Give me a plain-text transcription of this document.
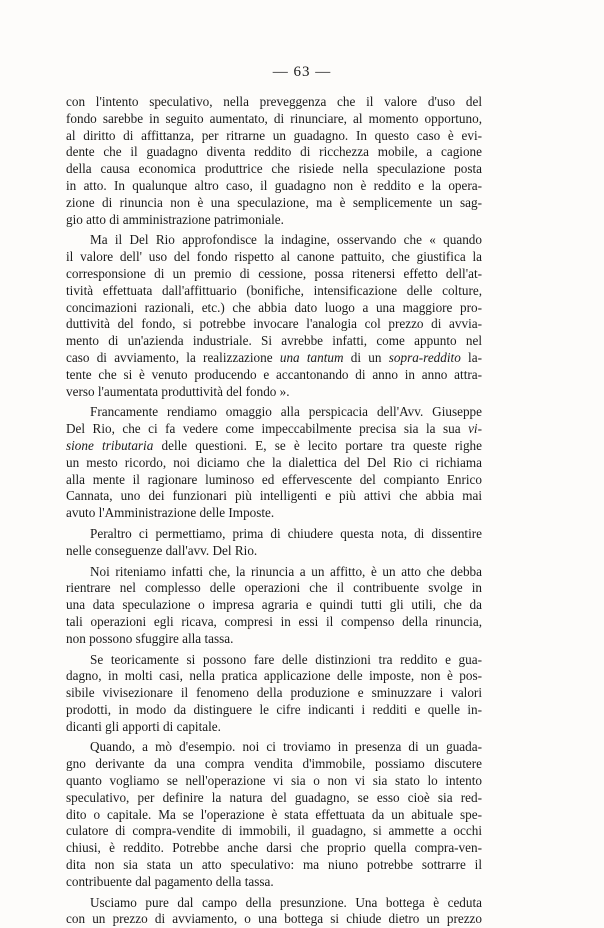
— 63 —
con l'intento speculativo, nella preveggenza che il valore d'uso del
fondo sarebbe in seguito aumentato, di rinunciare, al momento opportuno,
al diritto di affittanza, per ritrarne un guadagno. In questo caso è evi-
dente che il guadagno diventa reddito di ricchezza mobile, a cagione
della causa economica produttrice che risiede nella speculazione posta
in atto. In qualunque altro caso, il guadagno non è reddito e la opera-
zione di rinuncia non è una speculazione, ma è semplicemente un sag-
gio atto di amministrazione patrimoniale.
Ma il Del Rio approfondisce la indagine, osservando che « quando
il valore dell' uso del fondo rispetto al canone pattuito, che giustifica la
corresponsione di un premio di cessione, possa ritenersi effetto dell'at-
tività effettuata dall'affittuario (bonifiche, intensificazione delle colture,
concimazioni razionali, etc.) che abbia dato luogo a una maggiore pro-
duttività del fondo, si potrebbe invocare l'analogia col prezzo di avvia-
mento di un'azienda industriale. Si avrebbe infatti, come appunto nel
caso di avviamento, la realizzazione una tantum di un sopra-reddito la-
tente che si è venuto producendo e accantonando di anno in anno attra-
verso l'aumentata produttività del fondo ».
Francamente rendiamo omaggio alla perspicacia dell'Avv. Giuseppe
Del Rio, che ci fa vedere come impeccabilmente precisa sia la sua vi-
sione tributaria delle questioni. E, se è lecito portare tra queste righe
un mesto ricordo, noi diciamo che la dialettica del Del Rio ci richiama
alla mente il ragionare luminoso ed effervescente del compianto Enrico
Cannata, uno dei funzionari più intelligenti e più attivi che abbia mai
avuto l'Amministrazione delle Imposte.
Peraltro ci permettiamo, prima di chiudere questa nota, di dissentire
nelle conseguenze dall'avv. Del Rio.
Noi riteniamo infatti che, la rinuncia a un affitto, è un atto che debba
rientrare nel complesso delle operazioni che il contribuente svolge in
una data speculazione o impresa agraria e quindi tutti gli utili, che da
tali operazioni egli ricava, compresi in essi il compenso della rinuncia,
non possono sfuggire alla tassa.
Se teoricamente si possono fare delle distinzioni tra reddito e gua-
dagno, in molti casi, nella pratica applicazione delle imposte, non è pos-
sibile vivisezionare il fenomeno della produzione e sminuzzare i valori
prodotti, in modo da distinguere le cifre indicanti i redditi e quelle in-
dicanti gli apporti di capitale.
Quando, a mò d'esempio. noi ci troviamo in presenza di un guada-
gno derivante da una compra vendita d'immobile, possiamo discutere
quanto vogliamo se nell'operazione vi sia o non vi sia stato lo intento
speculativo, per definire la natura del guadagno, se esso cioè sia red-
dito o capitale. Ma se l'operazione è stata effettuata da un abituale spe-
culatore di compra-vendite di immobili, il guadagno, si ammette a occhi
chiusi, è reddito. Potrebbe anche darsi che proprio quella compra-ven-
dita non sia stata un atto speculativo: ma niuno potrebbe sottrarre il
contribuente dal pagamento della tassa.
Usciamo pure dal campo della presunzione. Una bottega è ceduta
con un prezzo di avviamento, o una bottega si chiude dietro un prezzo
